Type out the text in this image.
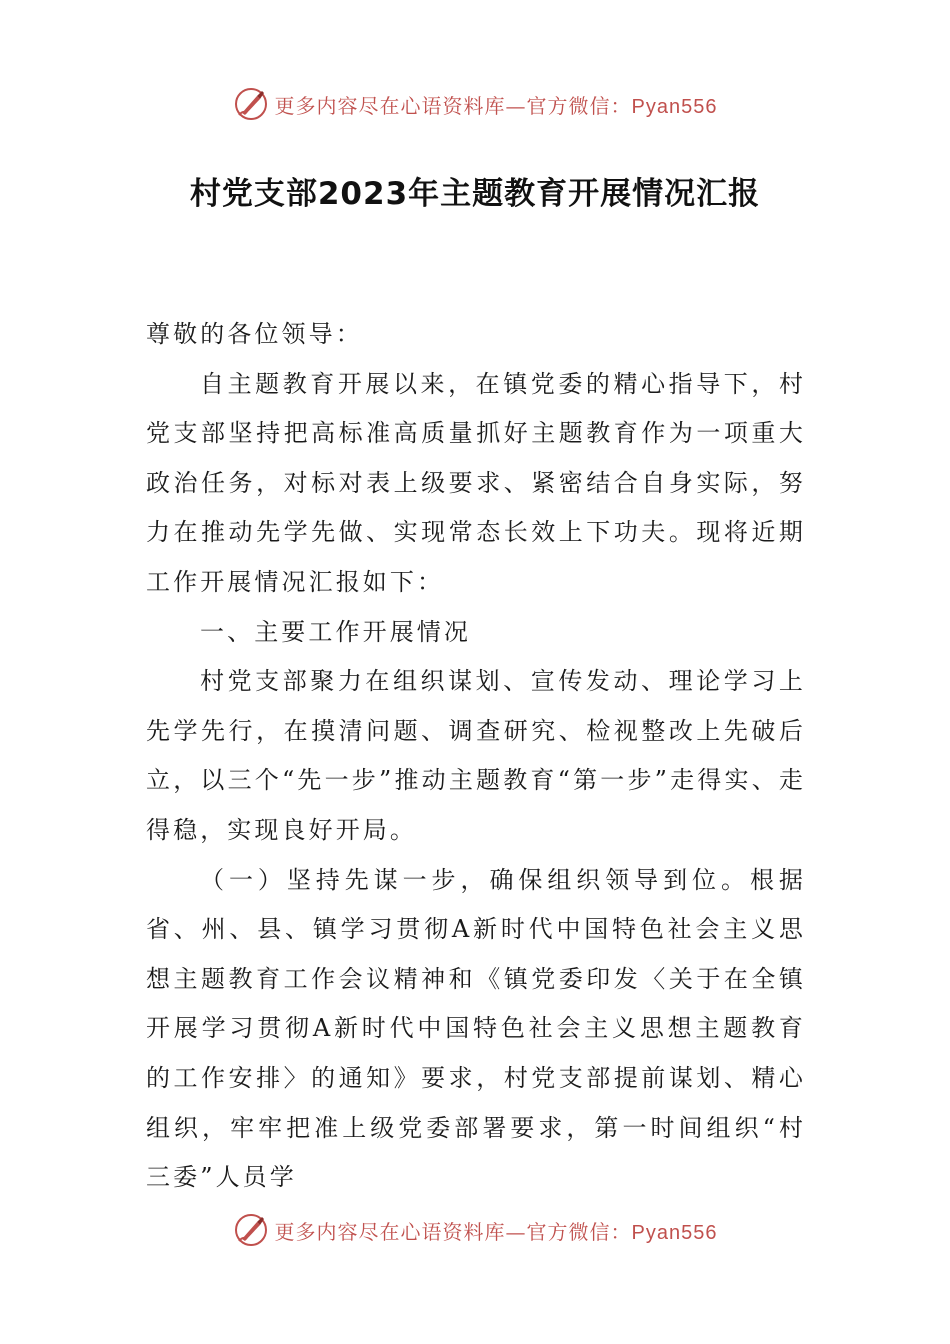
更多内容尽在心语资料库—官方微信：Pyan556
村党支部2023年主题教育开展情况汇报

尊敬的各位领导：

自主题教育开展以来，在镇党委的精心指导下，村党支部坚持把高标准高质量抓好主题教育作为一项重大政治任务，对标对表上级要求、紧密结合自身实际，努力在推动先学先做、实现常态长效上下功夫。现将近期工作开展情况汇报如下：

一、主要工作开展情况

村党支部聚力在组织谋划、宣传发动、理论学习上先学先行，在摸清问题、调查研究、检视整改上先破后立，以三个“先一步”推动主题教育“第一步”走得实、走得稳，实现良好开局。

（一）坚持先谋一步，确保组织领导到位。根据省、州、县、镇学习贯彻A新时代中国特色社会主义思想主题教育工作会议精神和《镇党委印发〈关于在全镇开展学习贯彻A新时代中国特色社会主义思想主题教育的工作安排〉的通知》要求，村党支部提前谋划、精心组织，牢牢把准上级党委部署要求，第一时间组织“村三委”人员学

更多内容尽在心语资料库—官方微信：Pyan556
